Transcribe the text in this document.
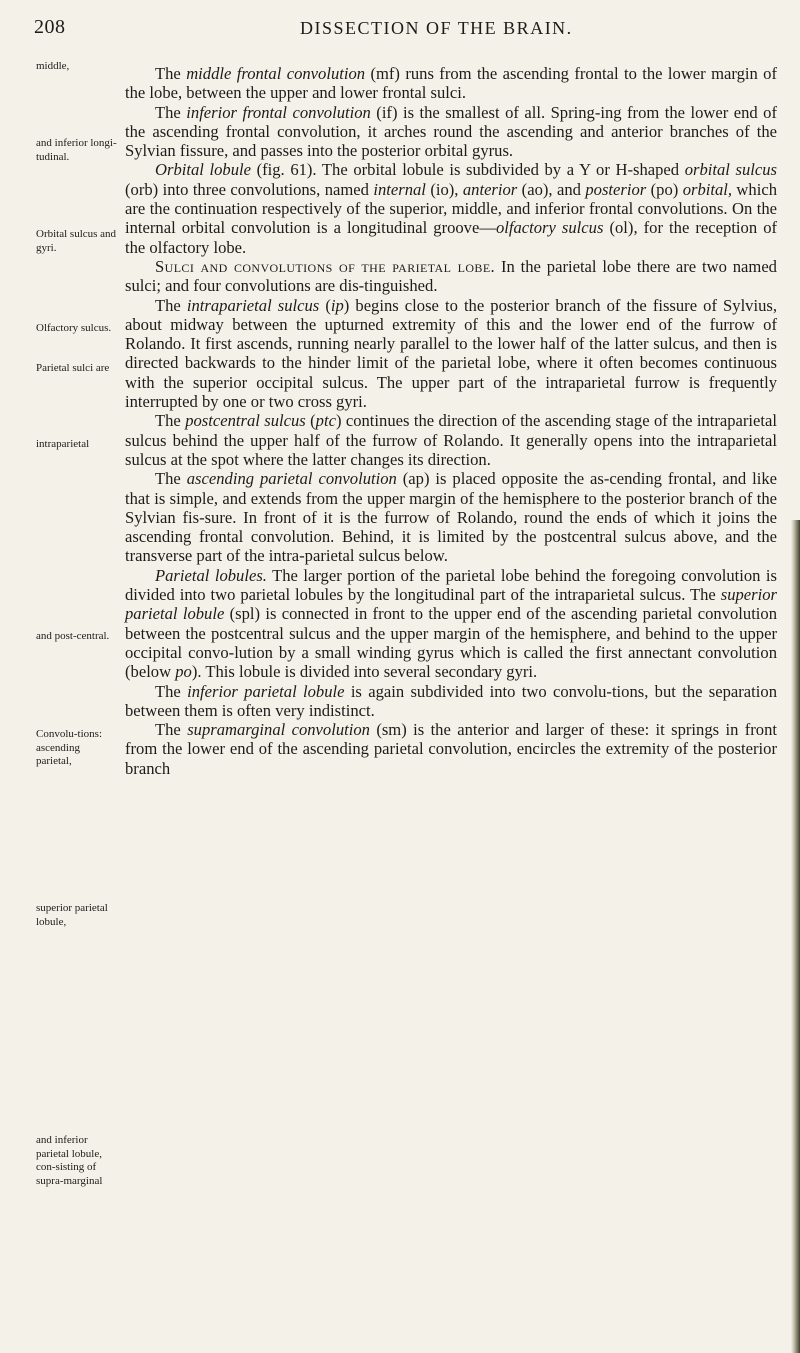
208	DISSECTION OF THE BRAIN.
middle,
and inferior longi-tudinal.
Orbital sulcus and gyri.
Olfactory sulcus.
Parietal sulci are
intraparietal
and post-central.
Convolu-tions: ascending parietal,
superior parietal lobule,
and inferior parietal lobule, con-sisting of supra-marginal

The middle frontal convolution (mf) runs from the ascending frontal to the lower margin of the lobe, between the upper and lower frontal sulci.

The inferior frontal convolution (if) is the smallest of all. Spring-ing from the lower end of the ascending frontal convolution, it arches round the ascending and anterior branches of the Sylvian fissure, and passes into the posterior orbital gyrus.

Orbital lobule (fig. 61). The orbital lobule is subdivided by a Y or H-shaped orbital sulcus (orb) into three convolutions, named internal (io), anterior (ao), and posterior (po) orbital, which are the continuation respectively of the superior, middle, and inferior frontal convolutions. On the internal orbital convolution is a longitudinal groove—olfactory sulcus (ol), for the reception of the olfactory lobe.

Sulci and convolutions of the parietal lobe. In the parietal lobe there are two named sulci; and four convolutions are dis-tinguished.

The intraparietal sulcus (ip) begins close to the posterior branch of the fissure of Sylvius, about midway between the upturned extremity of this and the lower end of the furrow of Rolando. It first ascends, running nearly parallel to the lower half of the latter sulcus, and then is directed backwards to the hinder limit of the parietal lobe, where it often becomes continuous with the superior occipital sulcus. The upper part of the intraparietal furrow is frequently interrupted by one or two cross gyri.

The postcentral sulcus (ptc) continues the direction of the ascending stage of the intraparietal sulcus behind the upper half of the furrow of Rolando. It generally opens into the intraparietal sulcus at the spot where the latter changes its direction.

The ascending parietal convolution (ap) is placed opposite the as-cending frontal, and like that is simple, and extends from the upper margin of the hemisphere to the posterior branch of the Sylvian fis-sure. In front of it is the furrow of Rolando, round the ends of which it joins the ascending frontal convolution. Behind, it is limited by the postcentral sulcus above, and the transverse part of the intra-parietal sulcus below.

Parietal lobules. The larger portion of the parietal lobe behind the foregoing convolution is divided into two parietal lobules by the longitudinal part of the intraparietal sulcus. The superior parietal lobule (spl) is connected in front to the upper end of the ascending parietal convolution between the postcentral sulcus and the upper margin of the hemisphere, and behind to the upper occipital convo-lution by a small winding gyrus which is called the first annectant convolution (below po). This lobule is divided into several secondary gyri.

The inferior parietal lobule is again subdivided into two convolu-tions, but the separation between them is often very indistinct.

The supramarginal convolution (sm) is the anterior and larger of these: it springs in front from the lower end of the ascending parietal convolution, encircles the extremity of the posterior branch
